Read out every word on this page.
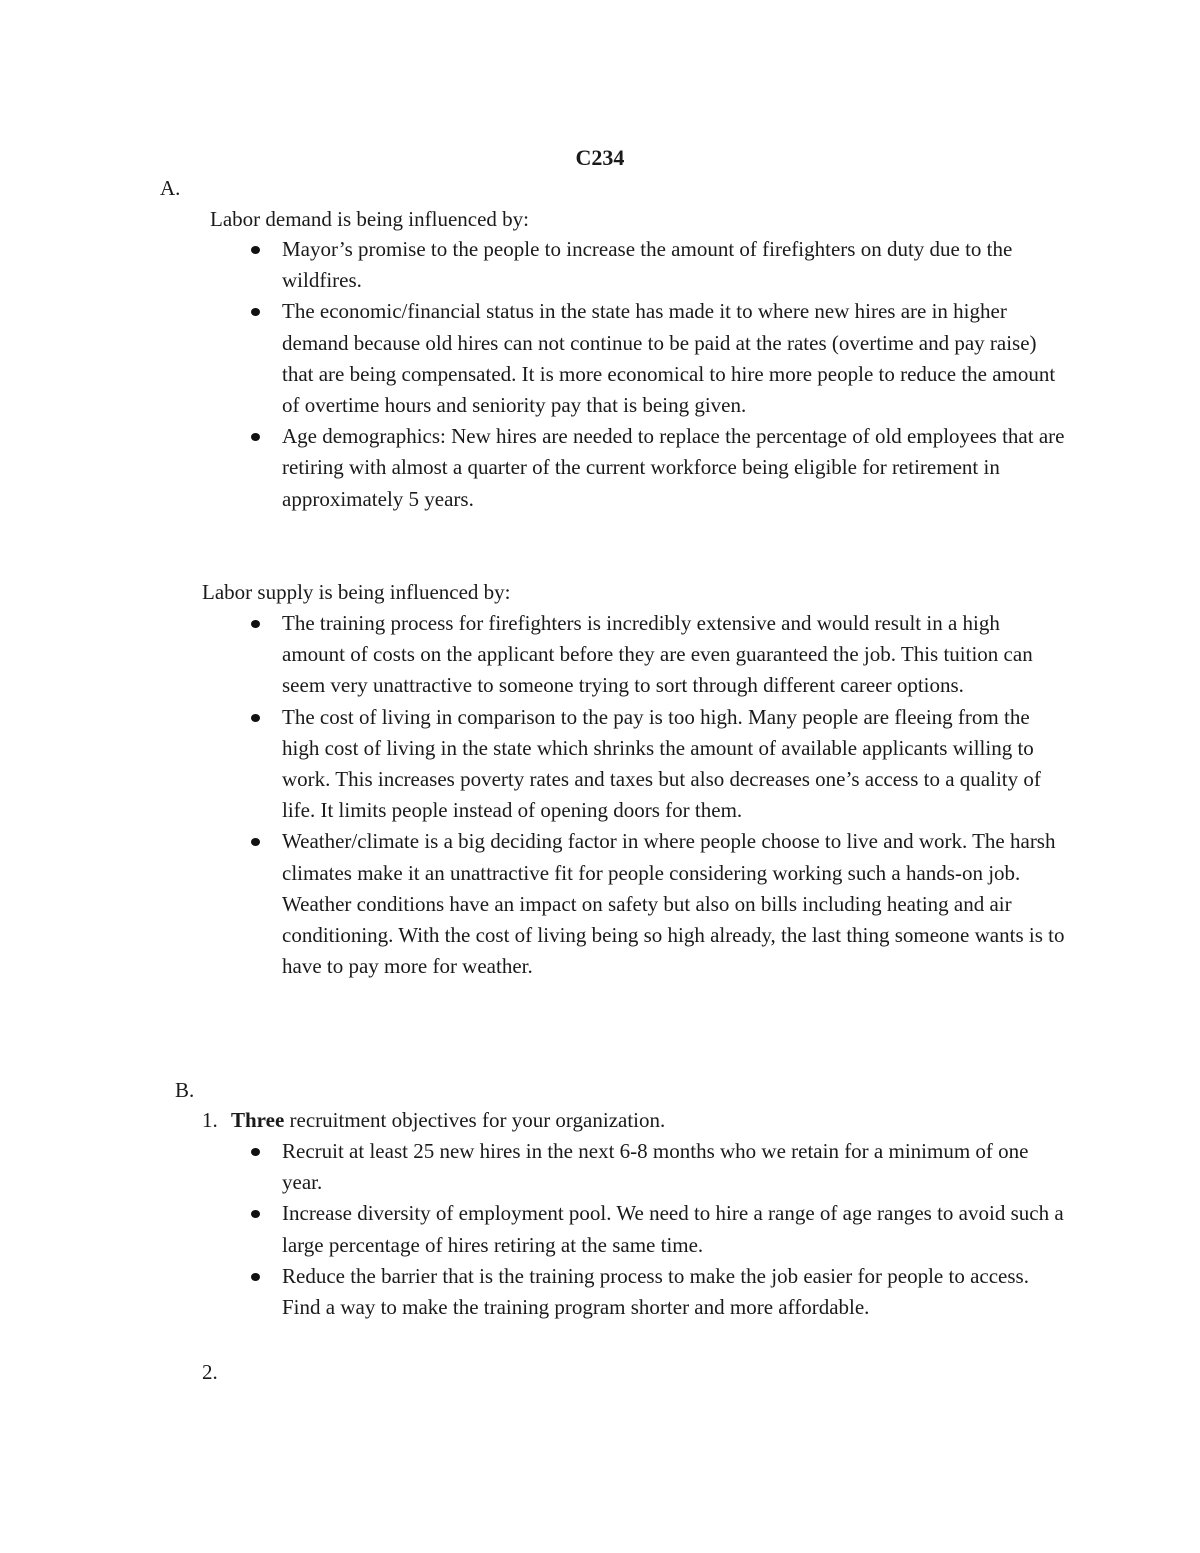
C234
A.
Labor demand is being influenced by:
Mayor’s promise to the people to increase the amount of firefighters on duty due to the wildfires.
The economic/financial status in the state has made it to where new hires are in higher demand because old hires can not continue to be paid at the rates (overtime and pay raise) that are being compensated. It is more economical to hire more people to reduce the amount of overtime hours and seniority pay that is being given.
Age demographics: New hires are needed to replace the percentage of old employees that are retiring with almost a quarter of the current workforce being eligible for retirement in approximately 5 years.
Labor supply is being influenced by:
The training process for firefighters is incredibly extensive and would result in a high amount of costs on the applicant before they are even guaranteed the job. This tuition can seem very unattractive to someone trying to sort through different career options.
The cost of living in comparison to the pay is too high. Many people are fleeing from the high cost of living in the state which shrinks the amount of available applicants willing to work. This increases poverty rates and taxes but also decreases one’s access to a quality of life. It limits people instead of opening doors for them.
Weather/climate is a big deciding factor in where people choose to live and work. The harsh climates make it an unattractive fit for people considering working such a hands-on job. Weather conditions have an impact on safety but also on bills including heating and air conditioning. With the cost of living being so high already, the last thing someone wants is to have to pay more for weather.
B.
1. Three recruitment objectives for your organization.
Recruit at least 25 new hires in the next 6-8 months who we retain for a minimum of one year.
Increase diversity of employment pool. We need to hire a range of age ranges to avoid such a large percentage of hires retiring at the same time.
Reduce the barrier that is the training process to make the job easier for people to access. Find a way to make the training program shorter and more affordable.
2.
